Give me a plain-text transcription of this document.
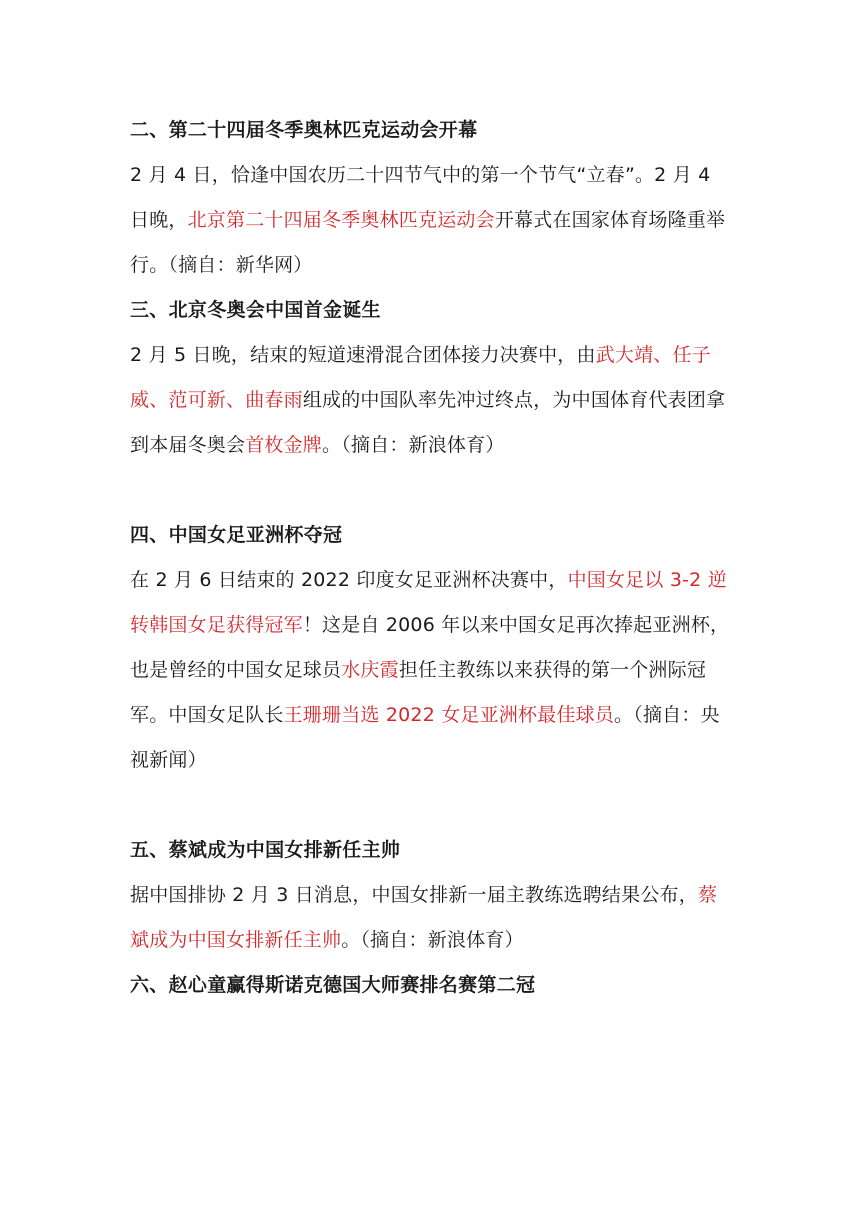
二、第二十四届冬季奥林匹克运动会开幕

2 月 4 日，恰逢中国农历二十四节气中的第一个节气“立春”。2 月 4 日晚，北京第二十四届冬季奥林匹克运动会开幕式在国家体育场隆重举行。（摘自：新华网）

三、北京冬奥会中国首金诞生

2 月 5 日晚，结束的短道速滑混合团体接力决赛中，由武大靖、任子威、范可新、曲春雨组成的中国队率先冲过终点，为中国体育代表团拿到本届冬奥会首枚金牌。（摘自：新浪体育）

四、中国女足亚洲杯夺冠

在 2 月 6 日结束的 2022 印度女足亚洲杯决赛中，中国女足以 3-2 逆转韩国女足获得冠军！这是自 2006 年以来中国女足再次捧起亚洲杯，也是曾经的中国女足球员水庆霞担任主教练以来获得的第一个洲际冠军。中国女足队长王珊珊当选 2022 女足亚洲杯最佳球员。（摘自：央视新闻）

五、蔡斌成为中国女排新任主帅

据中国排协 2 月 3 日消息，中国女排新一届主教练选聘结果公布，蔡斌成为中国女排新任主帅。（摘自：新浪体育）

六、赵心童赢得斯诺克德国大师赛排名赛第二冠
